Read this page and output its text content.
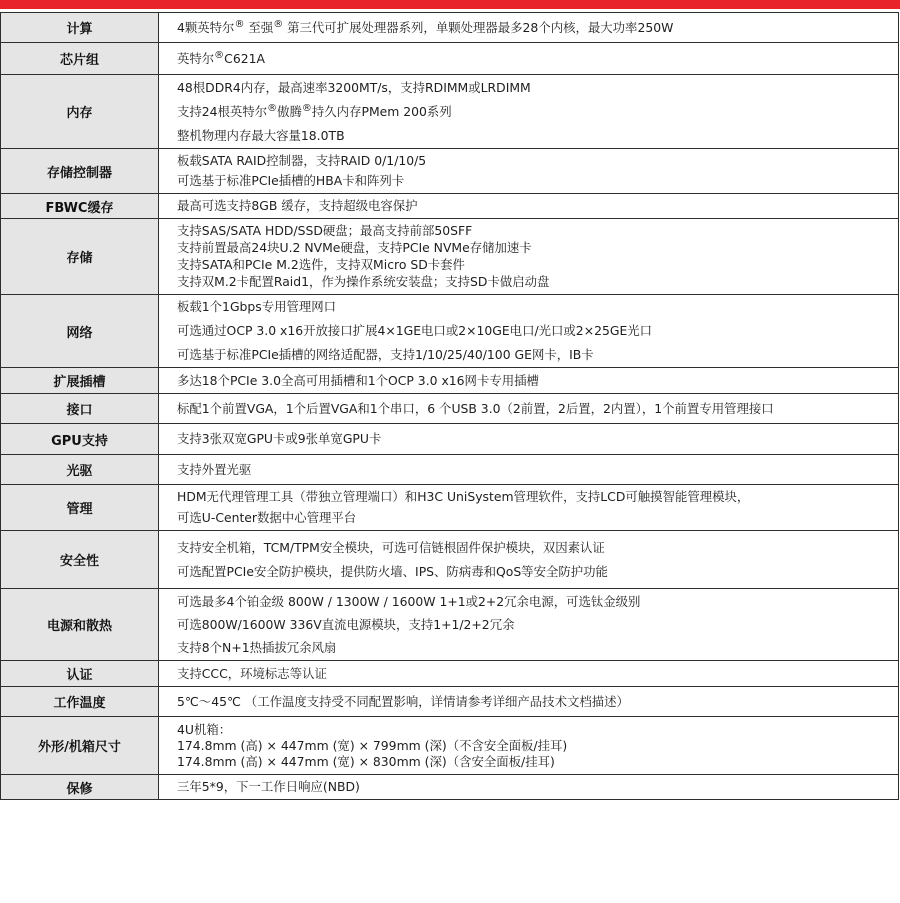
计算	4颗英特尔® 至强® 第三代可扩展处理器系列，单颗处理器最多28个内核，最大功率250W

芯片组	英特尔®C621A

内存	48根DDR4内存，最高速率3200MT/s，支持RDIMM或LRDIMM
支持24根英特尔®傲腾®持久内存PMem 200系列
整机物理内存最大容量18.0TB

存储控制器	板载SATA RAID控制器，支持RAID 0/1/10/5
可选基于标准PCIe插槽的HBA卡和阵列卡

FBWC缓存	最高可选支持8GB 缓存，支持超级电容保护

存储	支持SAS/SATA HDD/SSD硬盘；最高支持前部50SFF
支持前置最高24块U.2 NVMe硬盘，支持PCIe NVMe存储加速卡
支持SATA和PCIe M.2选件，支持双Micro SD卡套件
支持双M.2卡配置Raid1，作为操作系统安装盘；支持SD卡做启动盘

网络	板载1个1Gbps专用管理网口
可选通过OCP 3.0 x16开放接口扩展4×1GE电口或2×10GE电口/光口或2×25GE光口
可选基于标准PCIe插槽的网络适配器，支持1/10/25/40/100 GE网卡，IB卡

扩展插槽	多达18个PCIe 3.0全高可用插槽和1个OCP 3.0 x16网卡专用插槽

接口	标配1个前置VGA，1个后置VGA和1个串口，6 个USB 3.0（2前置，2后置，2内置），1个前置专用管理接口

GPU支持	支持3张双宽GPU卡或9张单宽GPU卡

光驱	支持外置光驱

管理	HDM无代理管理工具（带独立管理端口）和H3C UniSystem管理软件，支持LCD可触摸智能管理模块，
可选U-Center数据中心管理平台

安全性	支持安全机箱，TCM/TPM安全模块，可选可信链根固件保护模块，双因素认证
可选配置PCIe安全防护模块，提供防火墙、IPS、防病毒和QoS等安全防护功能

电源和散热	可选最多4个铂金级 800W / 1300W / 1600W 1+1或2+2冗余电源，可选钛金级别
可选800W/1600W 336V直流电源模块，支持1+1/2+2冗余
支持8个N+1热插拔冗余风扇

认证	支持CCC，环境标志等认证

工作温度	5℃～45℃ （工作温度支持受不同配置影响，详情请参考详细产品技术文档描述）

外形/机箱尺寸	4U机箱：
174.8mm (高) × 447mm (宽) × 799mm (深)（不含安全面板/挂耳)
174.8mm (高) × 447mm (宽) × 830mm (深)（含安全面板/挂耳)

保修	三年5*9，下一工作日响应(NBD)
